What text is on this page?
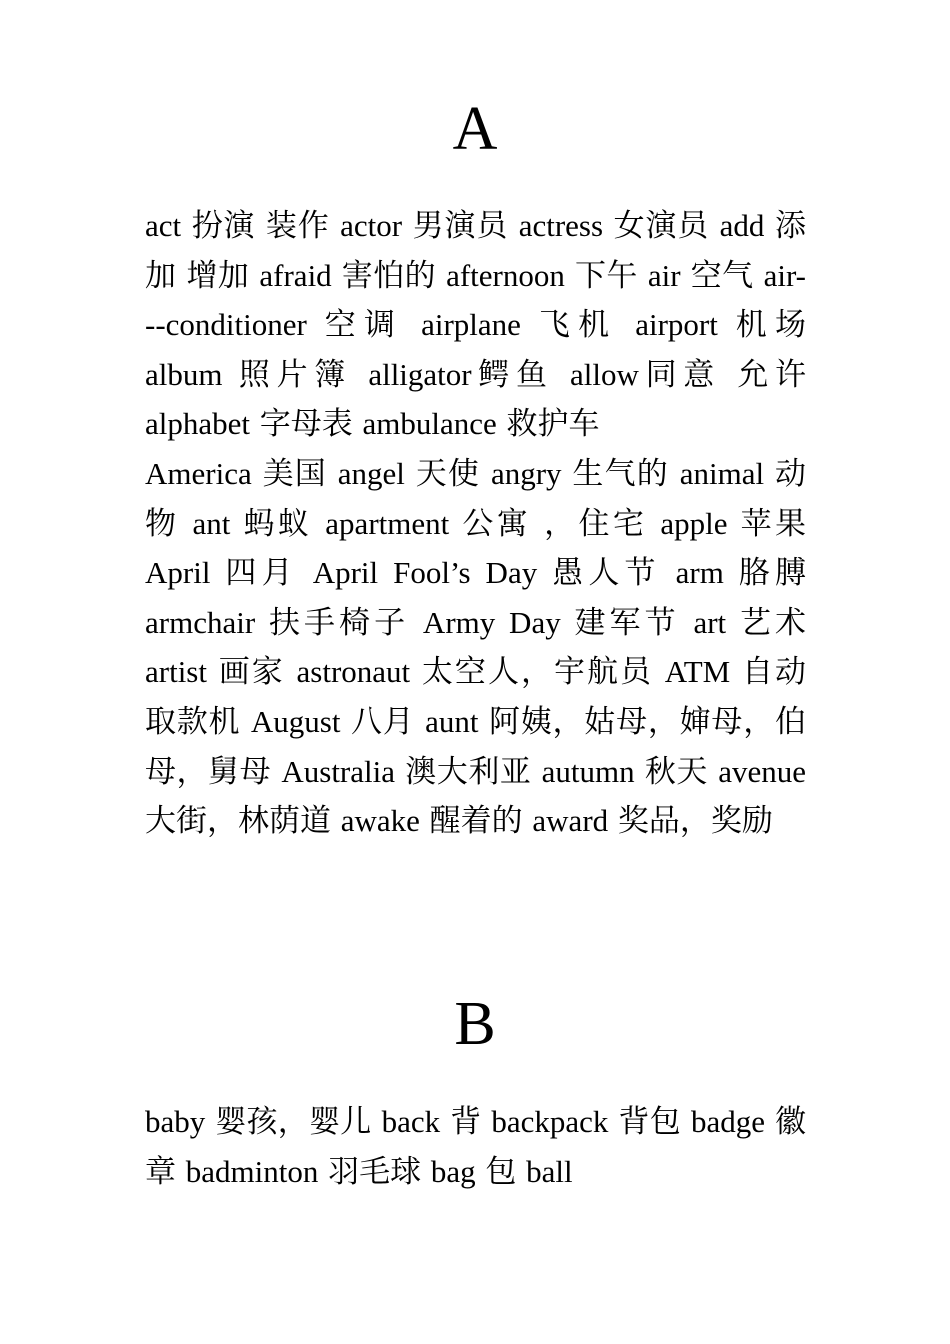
A

act 扮演 装作 actor 男演员 actress 女演员 add 添加 增加 afraid 害怕的 afternoon 下午 air 空气 air---conditioner 空调 airplane 飞机 airport 机场 album 照片簿 alligator鳄鱼 allow同意 允许 alphabet 字母表 ambulance 救护车

America 美国 angel 天使 angry 生气的 animal 动物 ant 蚂蚁 apartment 公寓 ，住宅 apple 苹果 April 四月 April Fool’s Day 愚人节 arm 胳膊 armchair 扶手椅子 Army Day 建军节 art 艺术 artist 画家 astronaut 太空人，宇航员 ATM 自动取款机 August 八月 aunt 阿姨，姑母，婶母，伯母，舅母 Australia 澳大利亚 autumn 秋天 avenue 大街，林荫道 awake 醒着的 award 奖品，奖励

B

baby 婴孩，婴儿 back 背 backpack 背包 badge 徽章 badminton 羽毛球 bag 包 ball
